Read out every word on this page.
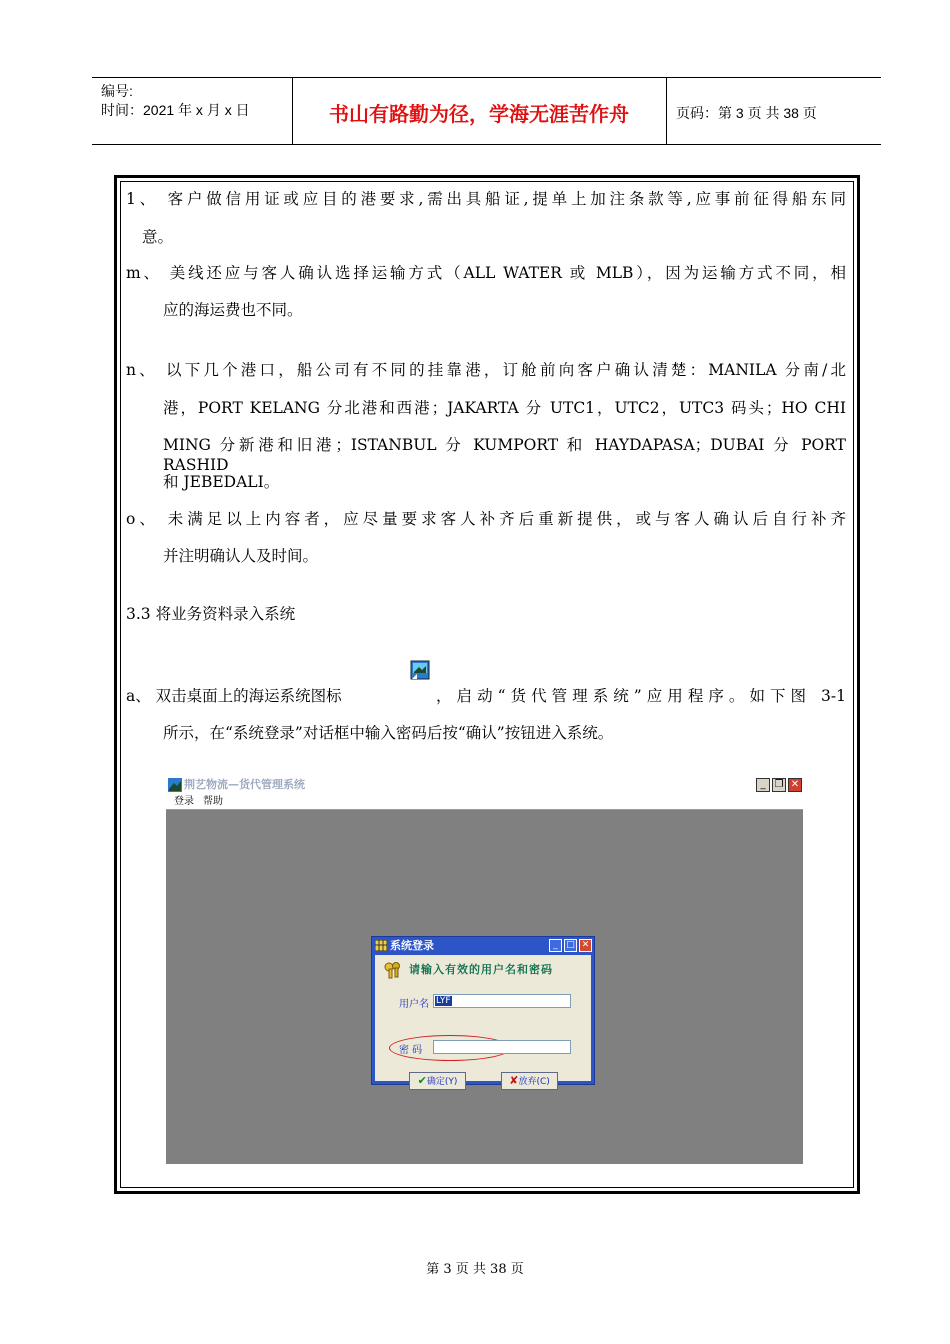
编号:
时间：2021 年 x 月 x 日	书山有路勤为径，学海无涯苦作舟	页码：第 3 页 共 38 页
1、 客户做信用证或应目的港要求,需出具船证,提单上加注条款等,应事前征得船东同
意。
m、 美线还应与客人确认选择运输方式（ALL WATER 或 MLB），因为运输方式不同，相
应的海运费也不同。
n、 以下几个港口，船公司有不同的挂靠港，订舱前向客户确认清楚：MANILA 分南/北
港，PORT KELANG 分北港和西港；JAKARTA 分 UTC1，UTC2，UTC3 码头；HO CHI
MING 分新港和旧港；ISTANBUL 分 KUMPORT 和 HAYDAPASA；DUBAI 分 PORT RASHID
和 JEBEDALI。
o、 未满足以上内容者，应尽量要求客人补齐后重新提供，或与客人确认后自行补齐
并注明确认人及时间。
3.3 将业务资料录入系统
a、 双击桌面上的海运系统图标	，启动“货代管理系统”应用程序。如下图 3-1
所示，在“系统登录”对话框中输入密码后按“确认”按钮进入系统。
荆艺物流—货代管理系统	_ ❐ ✕
登录 帮助
系统登录	_ □ ✕
请输入有效的用户名和密码
用户名 LYF
密 码
✔确定(Y)	✘放弃(C)
第 3 页 共 38 页
